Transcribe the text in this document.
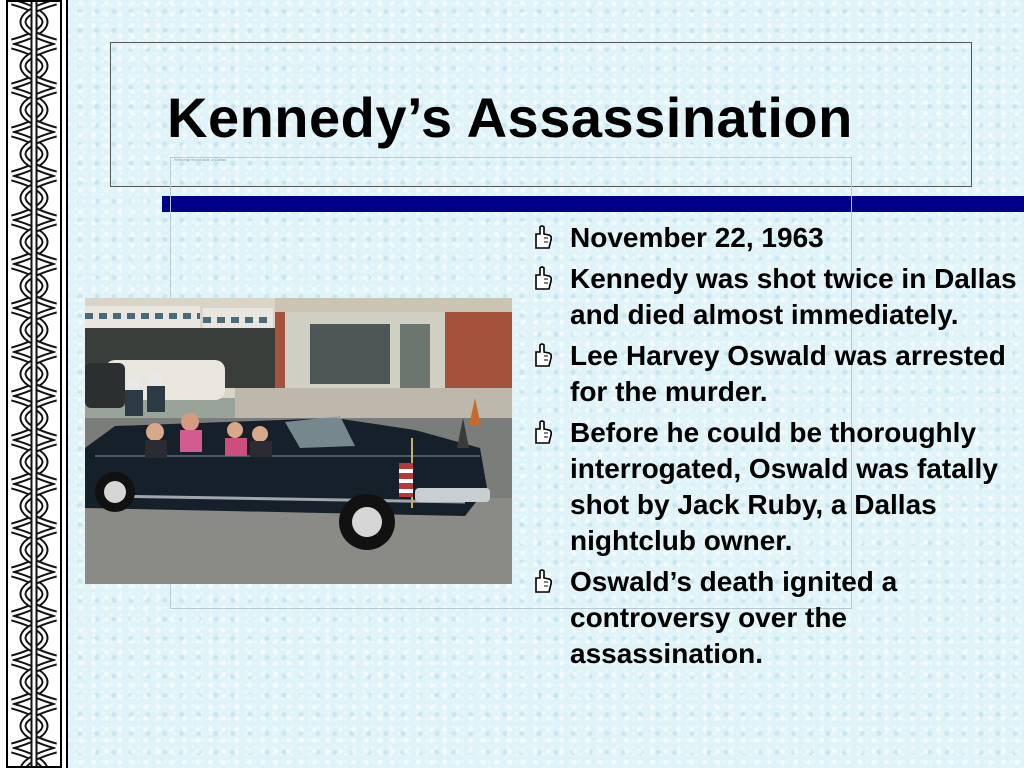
Kennedy’s Assassination
Kennedy motorcade in Dallas
November 22, 1963
Kennedy was shot twice in Dallas and died almost immediately.
Lee Harvey Oswald was arrested for the murder.
Before he could be thoroughly interrogated, Oswald was fatally shot by Jack Ruby, a Dallas nightclub owner.
Oswald’s death ignited a controversy over the assassination.
